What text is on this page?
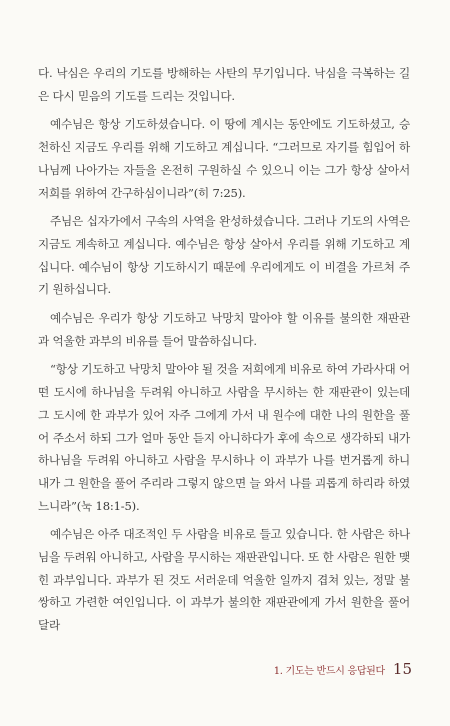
다. 낙심은 우리의 기도를 방해하는 사탄의 무기입니다. 낙심을 극복하는 길은 다시 믿음의 기도를 드리는 것입니다.

예수님은 항상 기도하셨습니다. 이 땅에 계시는 동안에도 기도하셨고, 승천하신 지금도 우리를 위해 기도하고 계십니다. “그러므로 자기를 힘입어 하나님께 나아가는 자들을 온전히 구원하실 수 있으니 이는 그가 항상 살아서 저희를 위하여 간구하심이니라”(히 7:25).

주님은 십자가에서 구속의 사역을 완성하셨습니다. 그러나 기도의 사역은 지금도 계속하고 계십니다. 예수님은 항상 살아서 우리를 위해 기도하고 계십니다. 예수님이 항상 기도하시기 때문에 우리에게도 이 비결을 가르쳐 주기 원하십니다.

예수님은 우리가 항상 기도하고 낙망치 말아야 할 이유를 불의한 재판관과 억울한 과부의 비유를 들어 말씀하십니다.

“항상 기도하고 낙망치 말아야 될 것을 저희에게 비유로 하여 가라사대 어떤 도시에 하나님을 두려워 아니하고 사람을 무시하는 한 재판관이 있는데 그 도시에 한 과부가 있어 자주 그에게 가서 내 원수에 대한 나의 원한을 풀어 주소서 하되 그가 얼마 동안 듣지 아니하다가 후에 속으로 생각하되 내가 하나님을 두려워 아니하고 사람을 무시하나 이 과부가 나를 번거롭게 하니 내가 그 원한을 풀어 주리라 그렇지 않으면 늘 와서 나를 괴롭게 하리라 하였느니라”(눅 18:1-5).

예수님은 아주 대조적인 두 사람을 비유로 들고 있습니다. 한 사람은 하나님을 두려워 아니하고, 사람을 무시하는 재판관입니다. 또 한 사람은 원한 맺힌 과부입니다. 과부가 된 것도 서러운데 억울한 일까지 겹쳐 있는, 정말 불쌍하고 가련한 여인입니다. 이 과부가 불의한 재판관에게 가서 원한을 풀어 달라

1. 기도는 반드시 응답된다 15
